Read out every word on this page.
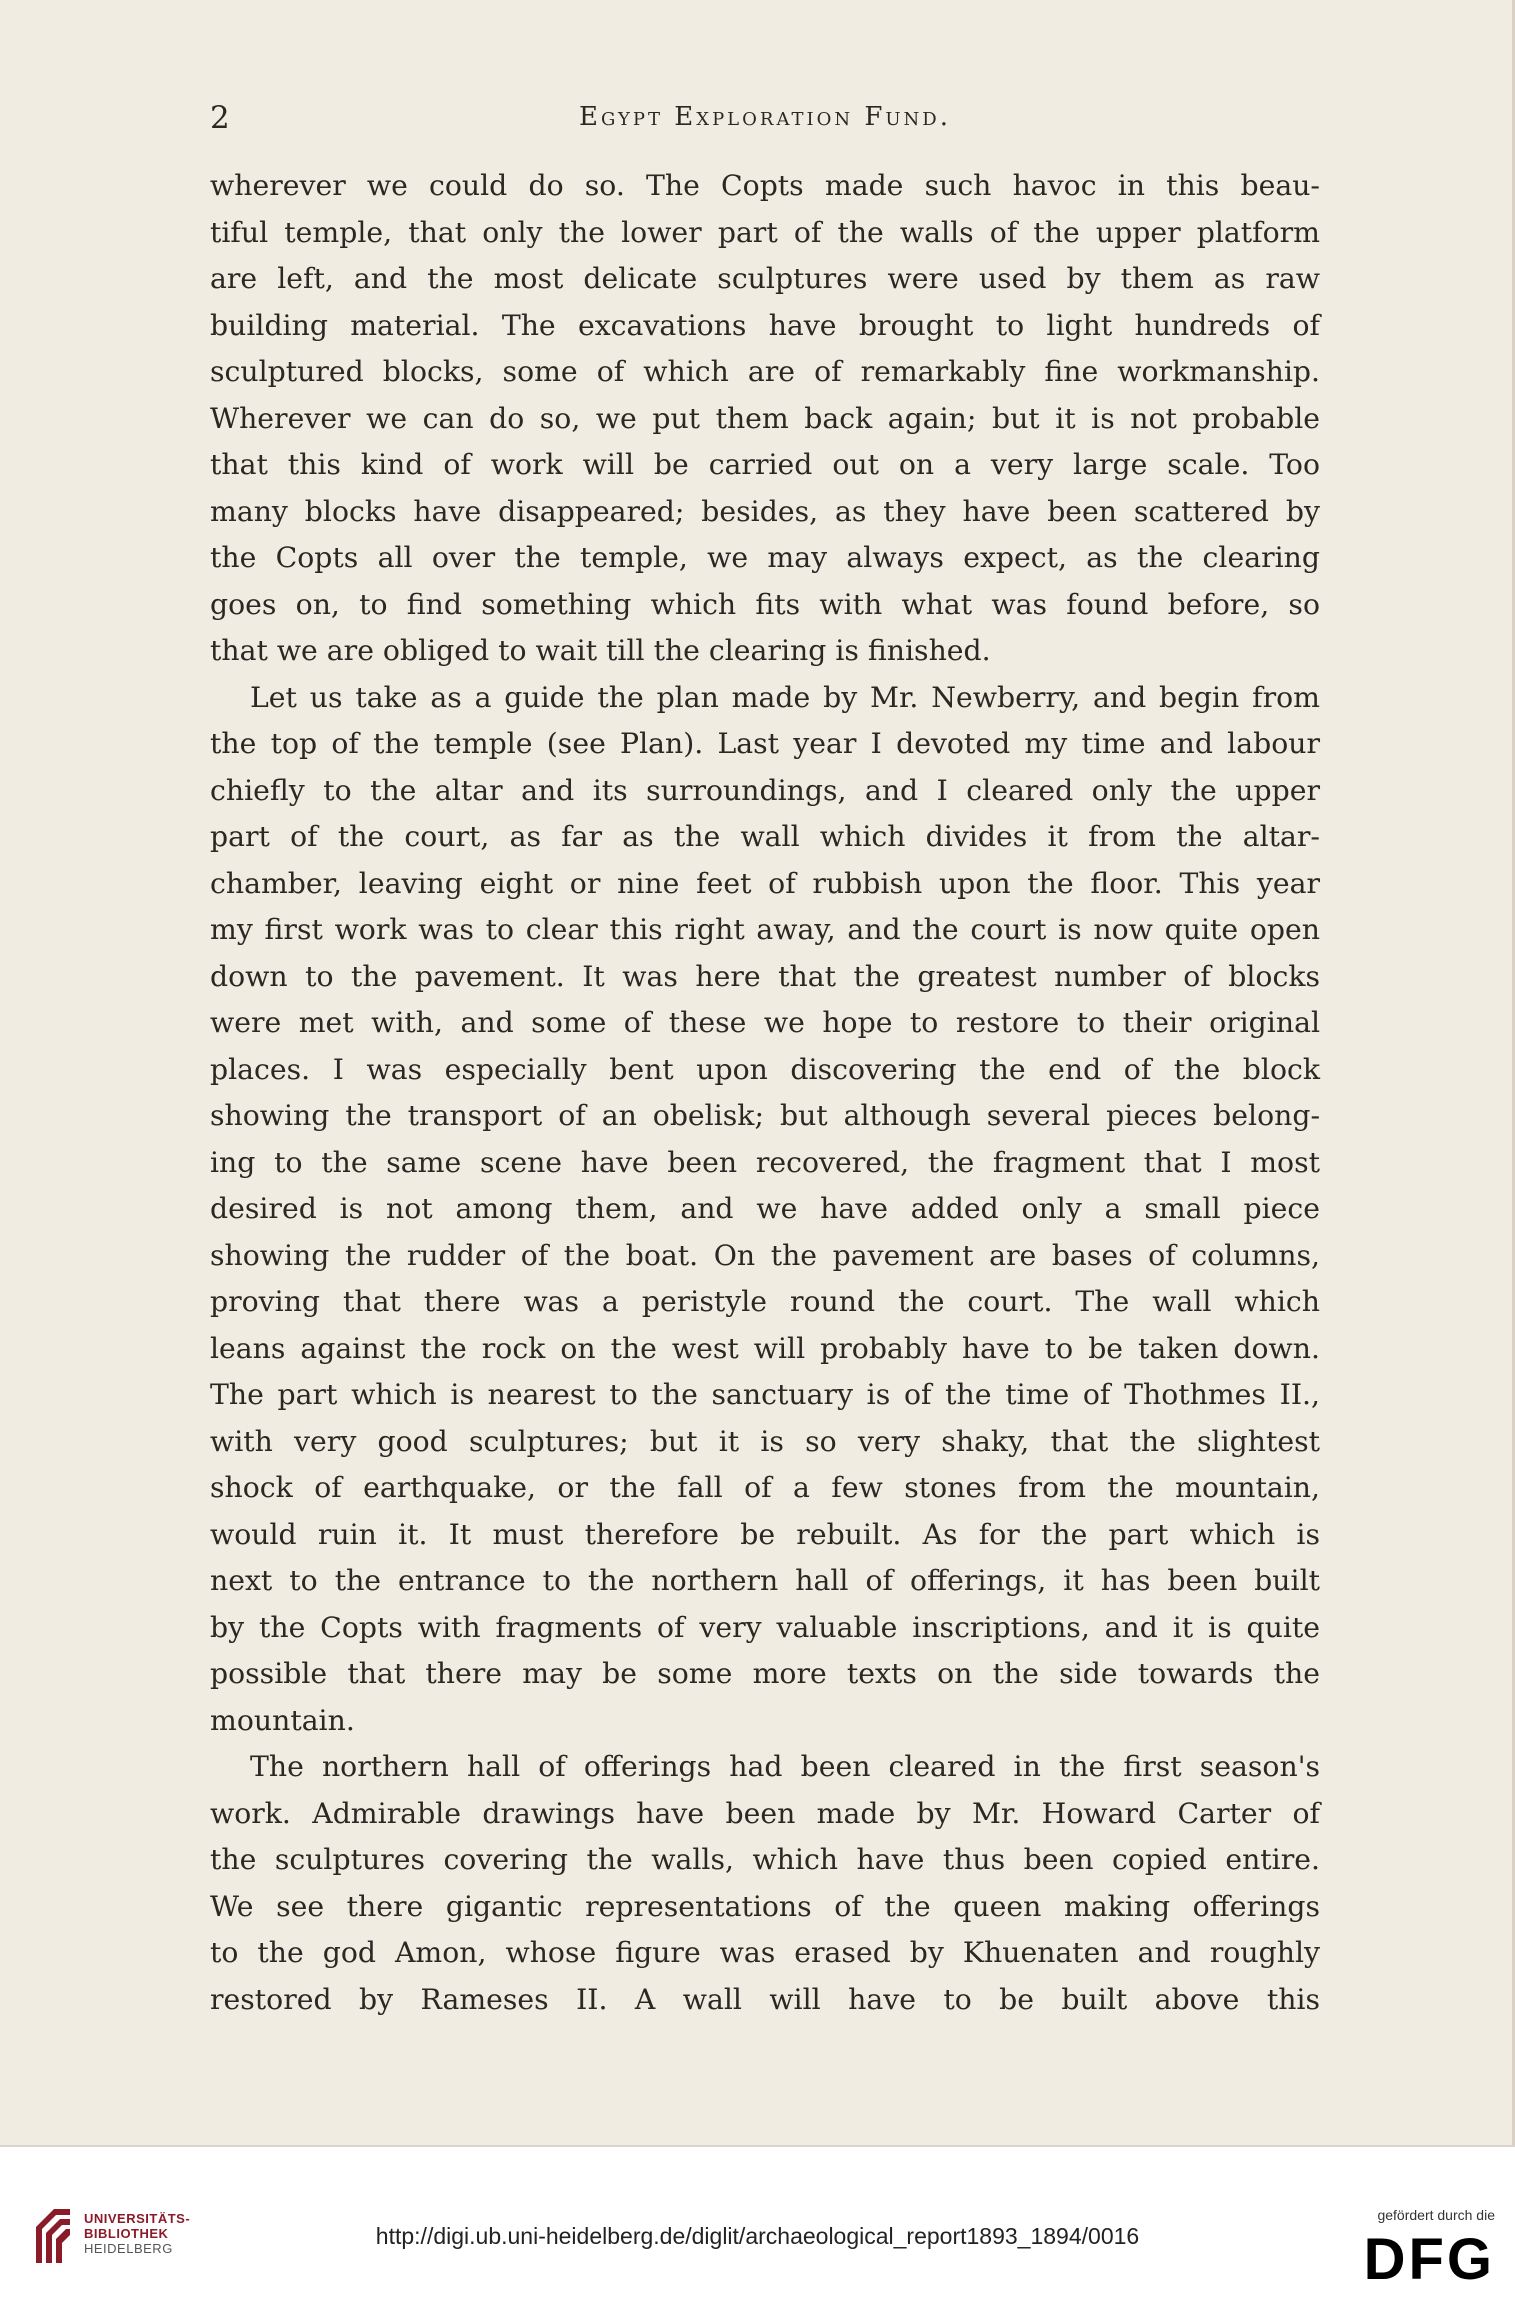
2	Egypt Exploration Fund.
wherever we could do so. The Copts made such havoc in this beau-
tiful temple, that only the lower part of the walls of the upper platform
are left, and the most delicate sculptures were used by them as raw
building material. The excavations have brought to light hundreds of
sculptured blocks, some of which are of remarkably fine workmanship.
Wherever we can do so, we put them back again; but it is not probable
that this kind of work will be carried out on a very large scale. Too
many blocks have disappeared; besides, as they have been scattered by
the Copts all over the temple, we may always expect, as the clearing
goes on, to find something which fits with what was found before, so
that we are obliged to wait till the clearing is finished.
Let us take as a guide the plan made by Mr. Newberry, and begin from
the top of the temple (see Plan). Last year I devoted my time and labour
chiefly to the altar and its surroundings, and I cleared only the upper
part of the court, as far as the wall which divides it from the altar-
chamber, leaving eight or nine feet of rubbish upon the floor. This year
my first work was to clear this right away, and the court is now quite open
down to the pavement. It was here that the greatest number of blocks
were met with, and some of these we hope to restore to their original
places. I was especially bent upon discovering the end of the block
showing the transport of an obelisk; but although several pieces belong-
ing to the same scene have been recovered, the fragment that I most
desired is not among them, and we have added only a small piece
showing the rudder of the boat. On the pavement are bases of columns,
proving that there was a peristyle round the court. The wall which
leans against the rock on the west will probably have to be taken down.
The part which is nearest to the sanctuary is of the time of Thothmes II.,
with very good sculptures; but it is so very shaky, that the slightest
shock of earthquake, or the fall of a few stones from the mountain,
would ruin it. It must therefore be rebuilt. As for the part which is
next to the entrance to the northern hall of offerings, it has been built
by the Copts with fragments of very valuable inscriptions, and it is quite
possible that there may be some more texts on the side towards the
mountain.
The northern hall of offerings had been cleared in the first season's
work. Admirable drawings have been made by Mr. Howard Carter of
the sculptures covering the walls, which have thus been copied entire.
We see there gigantic representations of the queen making offerings
to the god Amon, whose figure was erased by Khuenaten and roughly
restored by Rameses II. A wall will have to be built above this
UNIVERSITÄTS-
BIBLIOTHEK
HEIDELBERG	http://digi.ub.uni-heidelberg.de/diglit/archaeological_report1893_1894/0016
gefördert durch die
DFG
